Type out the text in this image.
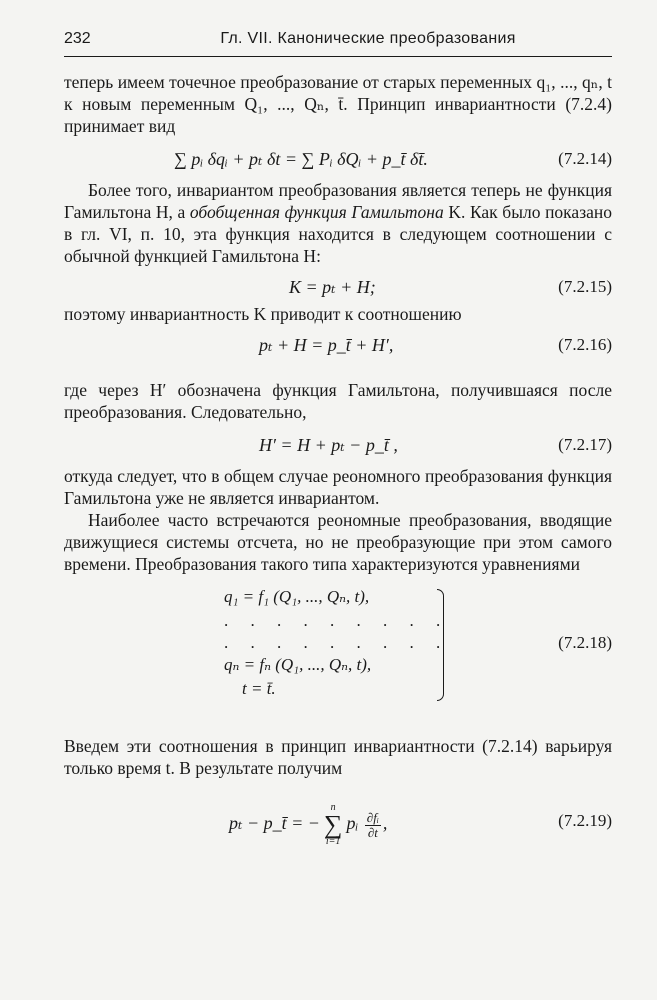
232	Гл. VII. Канонические преобразования

теперь имеем точечное преобразование от старых переменных q₁, ..., qₙ, t к новым переменным Q₁, ..., Qₙ, t̄. Принцип инвариантности (7.2.4) принимает вид

∑ pᵢ δqᵢ + pₜ δt = ∑ Pᵢ δQᵢ + p_t̄ δt̄.	(7.2.14)

Более того, инвариантом преобразования является теперь не функция Гамильтона H, а обобщенная функция Гамильтона K. Как было показано в гл. VI, п. 10, эта функция находится в следующем соотношении с обычной функцией Гамильтона H:

K = pₜ + H;	(7.2.15)

поэтому инвариантность K приводит к соотношению

pₜ + H = p_t̄ + H′,	(7.2.16)

где через H′ обозначена функция Гамильтона, получившаяся после преобразования. Следовательно,

H′ = H + pₜ − p_t̄ ,	(7.2.17)

откуда следует, что в общем случае реономного преобразования функция Гамильтона уже не является инвариантом.

Наиболее часто встречаются реономные преобразования, вводящие движущиеся системы отсчета, но не преобразующие при этом самого времени. Преобразования такого типа характеризуются уравнениями

q₁ = f₁ (Q₁, ..., Qₙ, t),
. . . . . . . . .
. . . . . . . . .
qₙ = fₙ (Q₁, ..., Qₙ, t),
t = t̄.
(7.2.18)

Введем эти соотношения в принцип инвариантности (7.2.14) варьируя только время t. В результате получим

pₜ − p_t̄ = −
n
∑
i=1
pᵢ $\frac{\text{∂fᵢ}}{\partial t}$ ,	(7.2.19)
